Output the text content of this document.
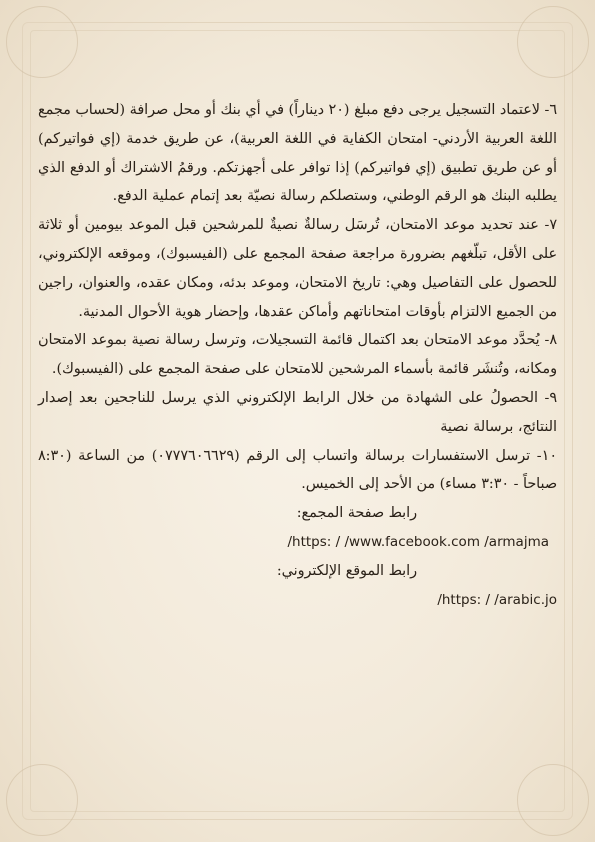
٦- لاعتماد التسجيل يرجى دفع مبلغ (٢٠ ديناراً) في أي بنك أو محل صرافة (لحساب مجمع اللغة العربية الأردني- امتحان الكفاية في اللغة العربية)، عن طريق خدمة (إي فواتيركم) أو عن طريق تطبيق (إي فواتيركم) إذا توافر على أجهزتكم. ورقمُ الاشتراك أو الدفع الذي يطلبه البنك هو الرقم الوطني، وستصلكم رسالة نصيّة بعد إتمام عملية الدفع.

٧- عند تحديد موعد الامتحان، تُرسَل رسالةٌ نصيةٌ للمرشحين قبل الموعد بيومين أو ثلاثة على الأقل، تبلّغهم بضرورة مراجعة صفحة المجمع على (الفيسبوك)، وموقعه الإلكتروني، للحصول على التفاصيل وهي: تاريخ الامتحان، وموعد بدئه، ومكان عقده، والعنوان، راجين من الجميع الالتزام بأوقات امتحاناتهم وأماكن عقدها، وإحضار هوية الأحوال المدنية.

٨- يُحدَّد موعد الامتحان بعد اكتمال قائمة التسجيلات، وترسل رسالة نصية بموعد الامتحان ومكانه، وتُنشَر قائمة بأسماء المرشحين للامتحان على صفحة المجمع على (الفيسبوك).

٩- الحصولُ على الشهادة من خلال الرابط الإلكتروني الذي يرسل للناجحين بعد إصدار النتائج، برسالة نصية

١٠- ترسل الاستفسارات برسالة واتساب إلى الرقم (٠٧٧٧٦٠٦٦٢٩) من الساعة (٨:٣٠ صباحاً - ٣:٣٠ مساء) من الأحد إلى الخميس.

رابط صفحة المجمع:

/https: / /www.facebook.com /armajma

رابط الموقع الإلكتروني:

/https: / /arabic.jo
